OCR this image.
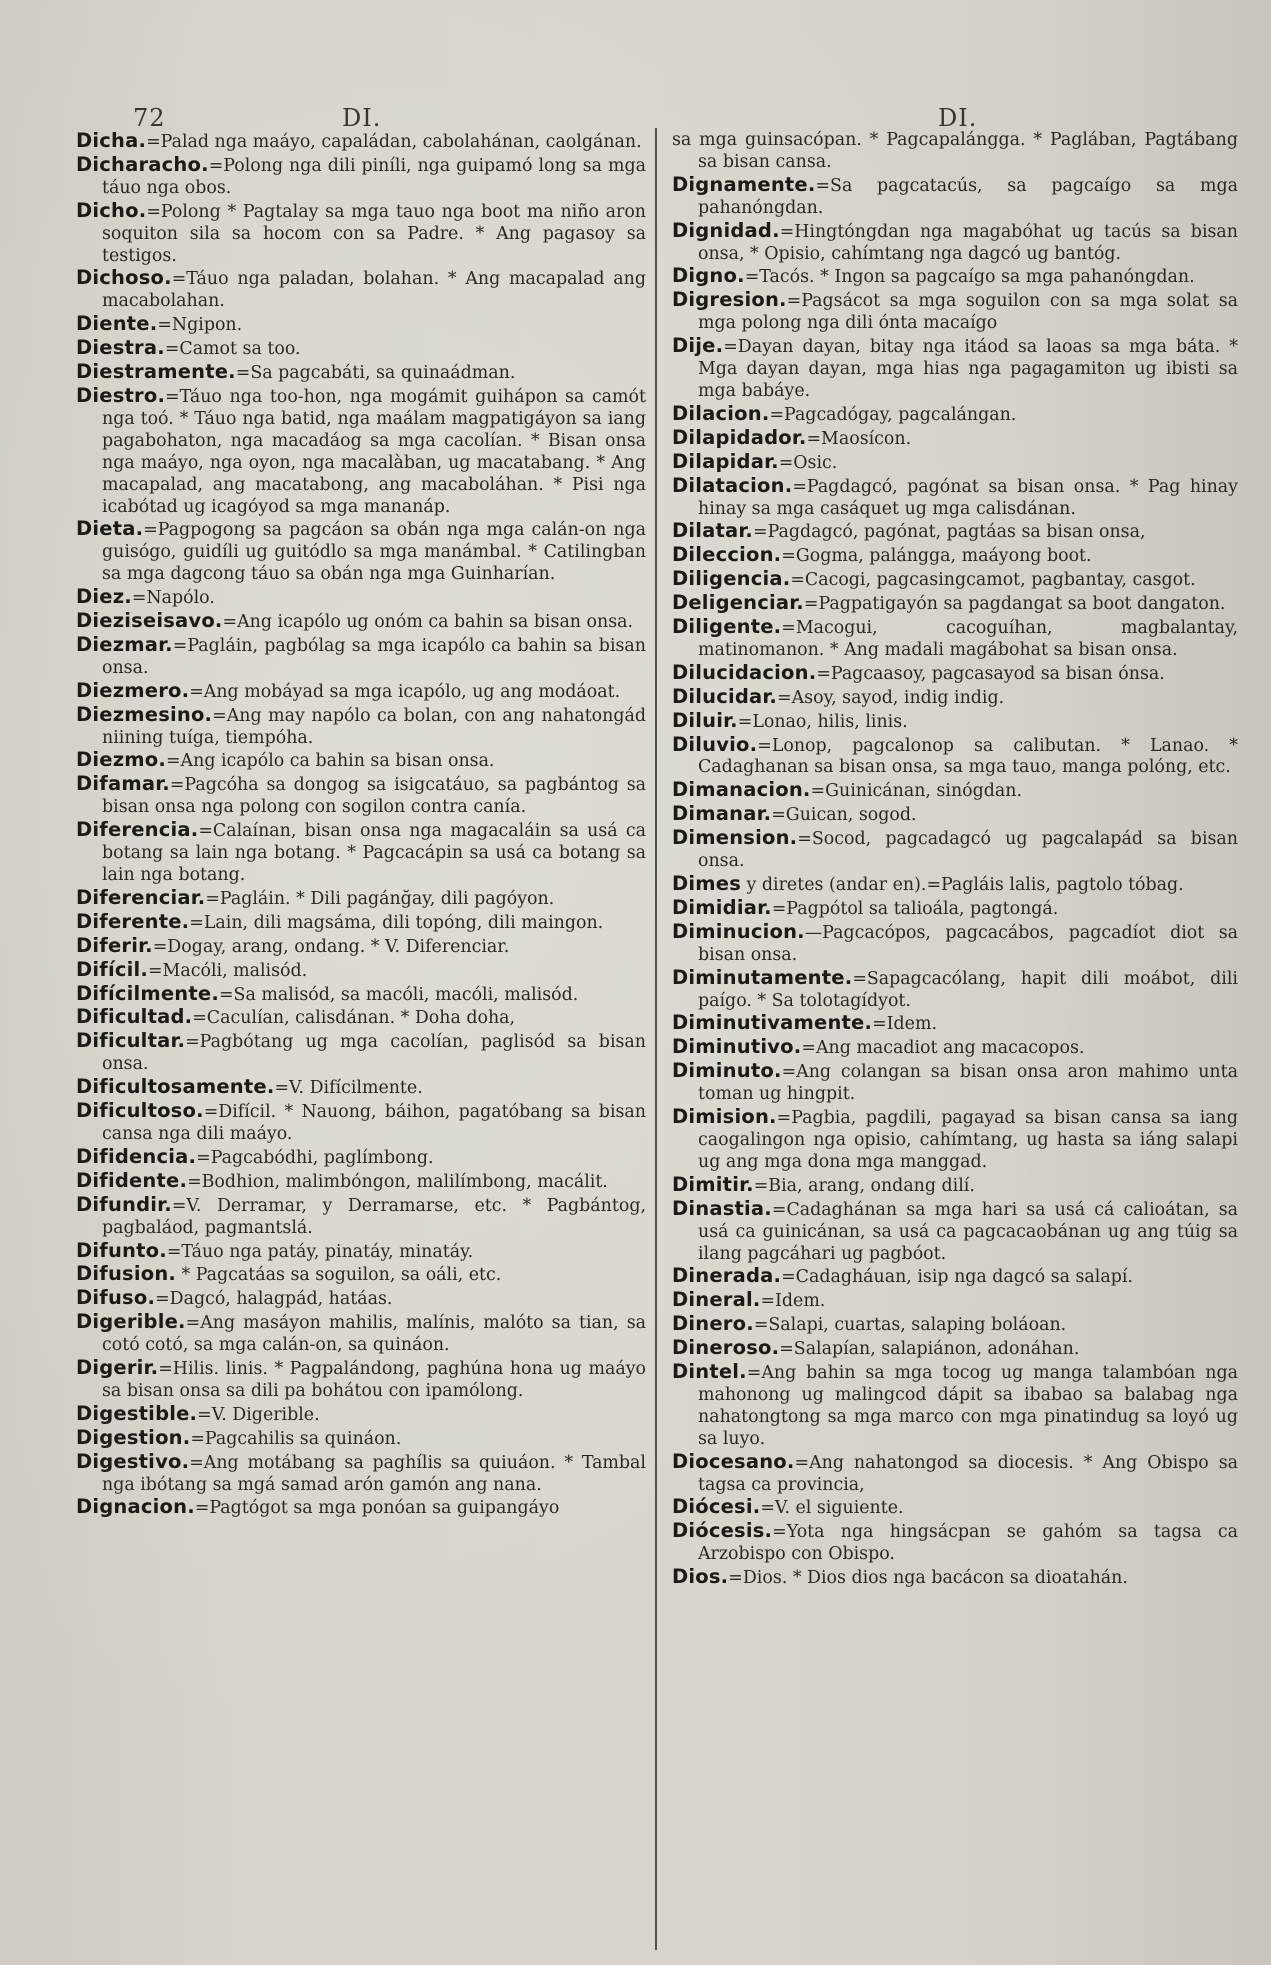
72	DI.	DI.
Dicha.=Palad nga maáyo, capaládan, cabolahánan, caolgánan.
Dicharacho.=Polong nga dili piníli, nga guipamó long sa mga táuo nga obos.
Dicho.=Polong * Pagtalay sa mga tauo nga boot ma niño aron soquiton sila sa hocom con sa Padre. * Ang pagasoy sa testigos.
Dichoso.=Táuo nga paladan, bolahan. * Ang macapalad ang macabolahan.
Diente.=Ngipon.
Diestra.=Camot sa too.
Diestramente.=Sa pagcabáti, sa quinaádman.
Diestro.=Táuo nga too-hon, nga mogámit guihápon sa camót nga toó. * Táuo nga batid, nga maálam magpatigáyon sa iang pagabohaton, nga macadáog sa mga cacolían. * Bisan onsa nga maáyo, nga oyon, nga macalàban, ug macatabang. * Ang macapalad, ang macatabong, ang macaboláhan. * Pisi nga icabótad ug icagóyod sa mga mananáp.
Dieta.=Pagpogong sa pagcáon sa obán nga mga calán-on nga guisógo, guidíli ug guitódlo sa mga manámbal. * Catilingban sa mga dagcong táuo sa obán nga mga Guinharían.
Diez.=Napólo.
Dieziseisavo.=Ang icapólo ug onóm ca bahin sa bisan onsa.
Diezmar.=Pagláin, pagbólag sa mga icapólo ca bahin sa bisan onsa.
Diezmero.=Ang mobáyad sa mga icapólo, ug ang modáoat.
Diezmesino.=Ang may napólo ca bolan, con ang nahatongád niining tuíga, tiempóha.
Diezmo.=Ang icapólo ca bahin sa bisan onsa.
Difamar.=Pagcóha sa dongog sa isigcatáuo, sa pagbántog sa bisan onsa nga polong con sogilon contra canía.
Diferencia.=Calaínan, bisan onsa nga magacaláin sa usá ca botang sa lain nga botang. * Pagcacápin sa usá ca botang sa lain nga botang.
Diferenciar.=Pagláin. * Dili pagánğay, dili pagóyon.
Diferente.=Lain, dili magsáma, dili topóng, dili maingon.
Diferir.=Dogay, arang, ondang. * V. Diferenciar.
Difícil.=Macóli, malisód.
Difícilmente.=Sa malisód, sa macóli, macóli, malisód.
Dificultad.=Caculían, calisdánan. * Doha doha,
Dificultar.=Pagbótang ug mga cacolían, paglisód sa bisan onsa.
Dificultosamente.=V. Difícilmente.
Dificultoso.=Difícil. * Nauong, báihon, pagatóbang sa bisan cansa nga dili maáyo.
Difidencia.=Pagcabódhi, paglímbong.
Difidente.=Bodhion, malimbóngon, malilímbong, macálit.
Difundir.=V. Derramar, y Derramarse, etc. * Pagbántog, pagbaláod, pagmantslá.
Difunto.=Táuo nga patáy, pinatáy, minatáy.
Difusion. * Pagcatáas sa soguilon, sa oáli, etc.
Difuso.=Dagcó, halagpád, hatáas.
Digerible.=Ang masáyon mahilis, malínis, malóto sa tian, sa cotó cotó, sa mga calán-on, sa quináon.
Digerir.=Hilis. linis. * Pagpalándong, paghúna hona ug maáyo sa bisan onsa sa dili pa bohátou con ipamólong.
Digestible.=V. Digerible.
Digestion.=Pagcahilis sa quináon.
Digestivo.=Ang motábang sa paghílis sa quiuáon. * Tambal nga ibótang sa mgá samad arón gamón ang nana.
Dignacion.=Pagtógot sa mga ponóan sa guipangáyo
sa mga guinsacópan. * Pagcapalángga. * Paglában, Pagtábang sa bisan cansa.
Dignamente.=Sa pagcatacús, sa pagcaígo sa mga pahanóngdan.
Dignidad.=Hingtóngdan nga magabóhat ug tacús sa bisan onsa, * Opisio, cahímtang nga dagcó ug bantóg.
Digno.=Tacós. * Ingon sa pagcaígo sa mga pahanóngdan.
Digresion.=Pagsácot sa mga soguilon con sa mga solat sa mga polong nga dili ónta macaígo
Dije.=Dayan dayan, bitay nga itáod sa laoas sa mga báta. * Mga dayan dayan, mga hias nga pagagamiton ug ibisti sa mga babáye.
Dilacion.=Pagcadógay, pagcalángan.
Dilapidador.=Maosícon.
Dilapidar.=Osic.
Dilatacion.=Pagdagcó, pagónat sa bisan onsa. * Pag hinay hinay sa mga casáquet ug mga calisdánan.
Dilatar.=Pagdagcó, pagónat, pagtáas sa bisan onsa,
Dileccion.=Gogma, palángga, maáyong boot.
Diligencia.=Cacogi, pagcasingcamot, pagbantay, casgot.
Deligenciar.=Pagpatigayón sa pagdangat sa boot dangaton.
Diligente.=Macogui, cacoguíhan, magbalantay, matinomanon. * Ang madali magábohat sa bisan onsa.
Dilucidacion.=Pagcaasoy, pagcasayod sa bisan ónsa.
Dilucidar.=Asoy, sayod, indig indig.
Diluir.=Lonao, hilis, linis.
Diluvio.=Lonop, pagcalonop sa calibutan. * Lanao. * Cadaghanan sa bisan onsa, sa mga tauo, manga polóng, etc.
Dimanacion.=Guinicánan, sinógdan.
Dimanar.=Guican, sogod.
Dimension.=Socod, pagcadagcó ug pagcalapád sa bisan onsa.
Dimes y diretes (andar en).=Pagláis lalis, pagtolo tóbag.
Dimidiar.=Pagpótol sa talioála, pagtongá.
Diminucion.—Pagcacópos, pagcacábos, pagcadíot diot sa bisan onsa.
Diminutamente.=Sapagcacólang, hapit dili moábot, dili paígo. * Sa tolotagídyot.
Diminutivamente.=Idem.
Diminutivo.=Ang macadiot ang macacopos.
Diminuto.=Ang colangan sa bisan onsa aron mahimo unta toman ug hingpit.
Dimision.=Pagbia, pagdili, pagayad sa bisan cansa sa iang caogalingon nga opisio, cahímtang, ug hasta sa iáng salapi ug ang mga dona mga manggad.
Dimitir.=Bia, arang, ondang dilí.
Dinastia.=Cadaghánan sa mga hari sa usá cá calioátan, sa usá ca guinicánan, sa usá ca pagcacaobánan ug ang túig sa ilang pagcáhari ug pagbóot.
Dinerada.=Cadagháuan, isip nga dagcó sa salapí.
Dineral.=Idem.
Dinero.=Salapi, cuartas, salaping boláoan.
Dineroso.=Salapían, salapiánon, adonáhan.
Dintel.=Ang bahin sa mga tocog ug manga talambóan nga mahonong ug malingcod dápit sa ibabao sa balabag nga nahatongtong sa mga marco con mga pinatindug sa loyó ug sa luyo.
Diocesano.=Ang nahatongod sa diocesis. * Ang Obispo sa tagsa ca provincia,
Diócesi.=V. el siguiente.
Diócesis.=Yota nga hingsácpan se gahóm sa tagsa ca Arzobispo con Obispo.
Dios.=Dios. * Dios dios nga bacácon sa dioatahán.
